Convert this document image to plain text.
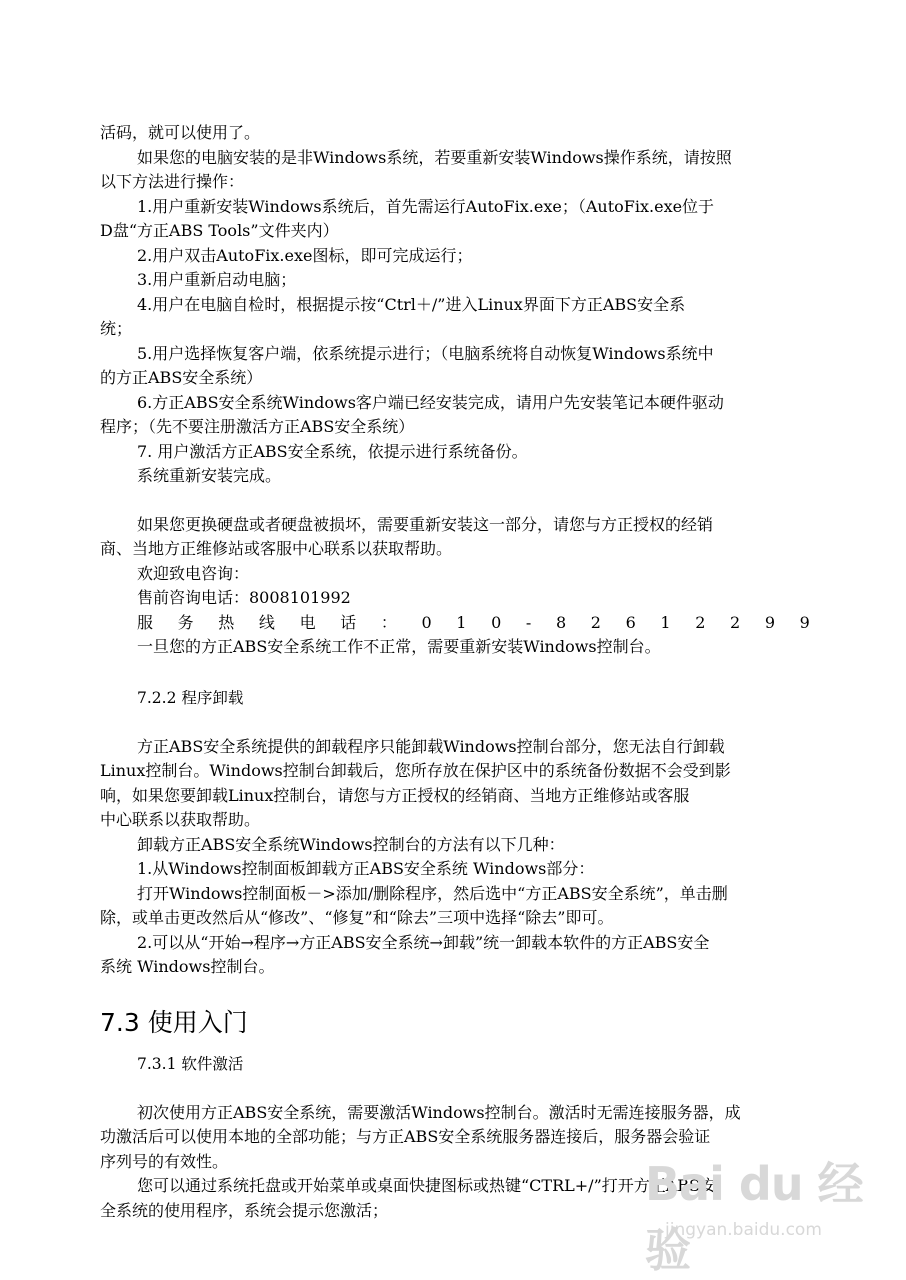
活码，就可以使用了。
如果您的电脑安装的是非Windows系统，若要重新安装Windows操作系统，请按照
以下方法进行操作：
1.用户重新安装Windows系统后，首先需运行AutoFix.exe；（AutoFix.exe位于
D盘“方正ABS Tools”文件夹内）
2.用户双击AutoFix.exe图标，即可完成运行；
3.用户重新启动电脑；
4.用户在电脑自检时，根据提示按“Ctrl＋/”进入Linux界面下方正ABS安全系
统；
5.用户选择恢复客户端，依系统提示进行；（电脑系统将自动恢复Windows系统中
的方正ABS安全系统）
6.方正ABS安全系统Windows客户端已经安装完成，请用户先安装笔记本硬件驱动
程序；（先不要注册激活方正ABS安全系统）
7. 用户激活方正ABS安全系统，依提示进行系统备份。
系统重新安装完成。
如果您更换硬盘或者硬盘被损坏，需要重新安装这一部分，请您与方正授权的经销
商、当地方正维修站或客服中心联系以获取帮助。
欢迎致电咨询：
售前咨询电话：8008101992
服 务 热 线 电 话 ： 0 1 0 - 8 2 6 1 2 2 9 9
一旦您的方正ABS安全系统工作不正常，需要重新安装Windows控制台。
7.2.2 程序卸载
方正ABS安全系统提供的卸载程序只能卸载Windows控制台部分，您无法自行卸载
Linux控制台。Windows控制台卸载后，您所存放在保护区中的系统备份数据不会受到影
响，如果您要卸载Linux控制台，请您与方正授权的经销商、当地方正维修站或客服
中心联系以获取帮助。
卸载方正ABS安全系统Windows控制台的方法有以下几种：
1.从Windows控制面板卸载方正ABS安全系统 Windows部分：
打开Windows控制面板－>添加/删除程序，然后选中“方正ABS安全系统”，单击删
除，或单击更改然后从“修改”、“修复”和“除去”三项中选择“除去”即可。
2.可以从“开始→程序→方正ABS安全系统→卸载”统一卸载本软件的方正ABS安全
系统 Windows控制台。
7.3 使用入门
7.3.1 软件激活
初次使用方正ABS安全系统，需要激活Windows控制台。激活时无需连接服务器，成
功激活后可以使用本地的全部功能；与方正ABS安全系统服务器连接后，服务器会验证
序列号的有效性。
您可以通过系统托盘或开始菜单或桌面快捷图标或热键“CTRL+/”打开方正ABS安
全系统的使用程序，系统会提示您激活；	Bai du 经验
jingyan.baidu.com
